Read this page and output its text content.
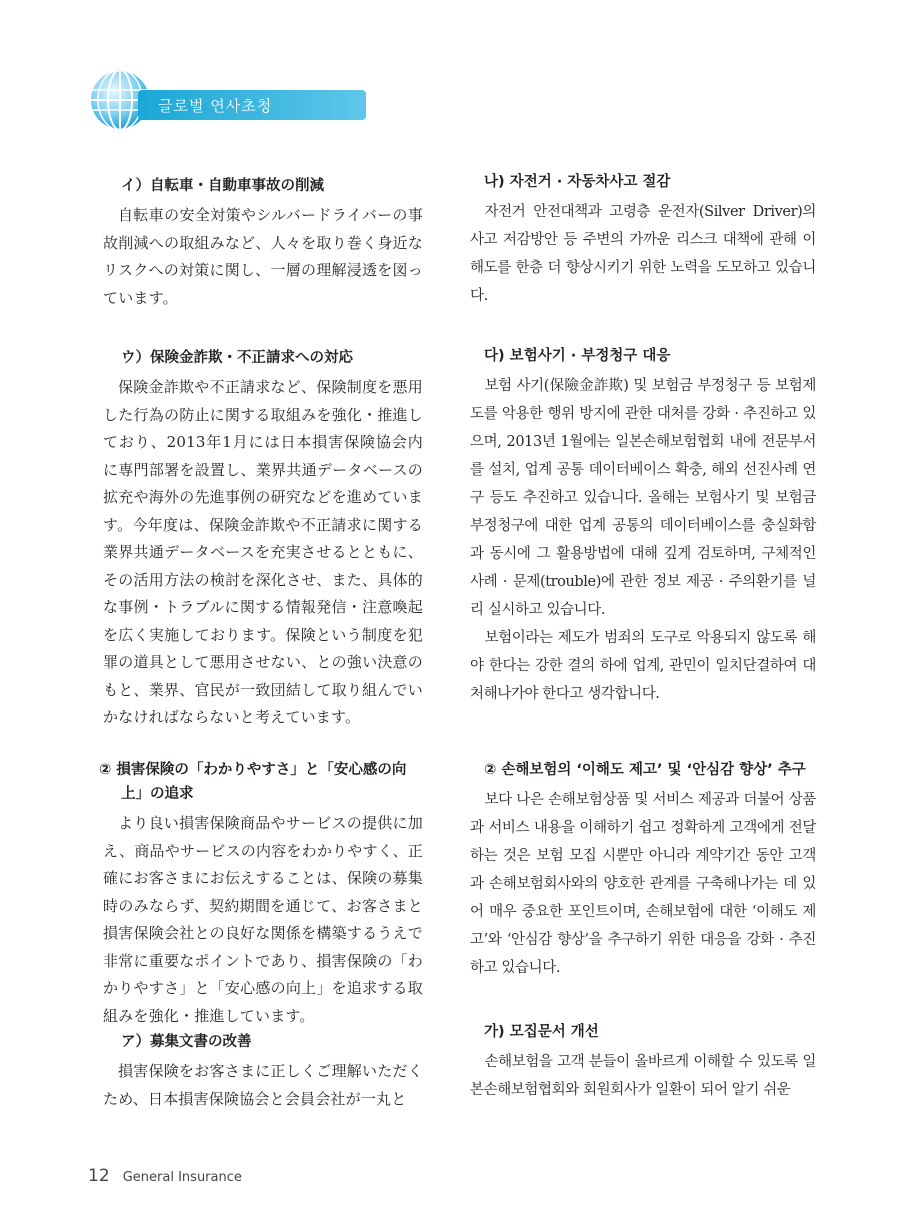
글로벌 연사초청
イ）自転車・自動車事故の削減

自転車の安全対策やシルバードライバーの事故削減への取組みなど、人々を取り巻く身近なリスクへの対策に関し、一層の理解浸透を図っています。

ウ）保険金詐欺・不正請求への対応

保険金詐欺や不正請求など、保険制度を悪用した行為の防止に関する取組みを強化・推進しており、2013年1月には日本損害保険協会内に専門部署を設置し、業界共通データベースの拡充や海外の先進事例の研究などを進めています。今年度は、保険金詐欺や不正請求に関する業界共通データベースを充実させるとともに、その活用方法の検討を深化させ、また、具体的な事例・トラブルに関する情報発信・注意喚起を広く実施しております。保険という制度を犯罪の道具として悪用させない、との強い決意のもと、業界、官民が一致団結して取り組んでいかなければならないと考えています。

② 損害保険の「わかりやすさ」と「安心感の向上」の追求

より良い損害保険商品やサービスの提供に加え、商品やサービスの内容をわかりやすく、正確にお客さまにお伝えすることは、保険の募集時のみならず、契約期間を通じて、お客さまと損害保険会社との良好な関係を構築するうえで非常に重要なポイントであり、損害保険の「わかりやすさ」と「安心感の向上」を追求する取組みを強化・推進しています。

ア）募集文書の改善

損害保険をお客さまに正しくご理解いただくため、日本損害保険協会と会員会社が一丸と

나) 자전거 · 자동차사고 절감

자전거 안전대책과 고령층 운전자(Silver Driver)의 사고 저감방안 등 주변의 가까운 리스크 대책에 관해 이해도를 한층 더 향상시키기 위한 노력을 도모하고 있습니다.

다) 보험사기 · 부정청구 대응

보험 사기(保險金詐欺) 및 보험금 부정청구 등 보험제도를 악용한 행위 방지에 관한 대처를 강화 · 추진하고 있으며, 2013년 1월에는 일본손해보험협회 내에 전문부서를 설치, 업계 공통 데이터베이스 확충, 해외 선진사례 연구 등도 추진하고 있습니다. 올해는 보험사기 및 보험금 부정청구에 대한 업계 공통의 데이터베이스를 충실화함과 동시에 그 활용방법에 대해 깊게 검토하며, 구체적인 사례 · 문제(trouble)에 관한 정보 제공 · 주의환기를 널리 실시하고 있습니다.

보험이라는 제도가 범죄의 도구로 악용되지 않도록 해야 한다는 강한 결의 하에 업계, 관민이 일치단결하여 대처해나가야 한다고 생각합니다.

② 손해보험의 ‘이해도 제고’ 및 ‘안심감 향상’ 추구

보다 나은 손해보험상품 및 서비스 제공과 더불어 상품과 서비스 내용을 이해하기 쉽고 정확하게 고객에게 전달하는 것은 보험 모집 시뿐만 아니라 계약기간 동안 고객과 손해보험회사와의 양호한 관계를 구축해나가는 데 있어 매우 중요한 포인트이며, 손해보험에 대한 ‘이해도 제고’와 ‘안심감 향상’을 추구하기 위한 대응을 강화 · 추진하고 있습니다.

가) 모집문서 개선

손해보험을 고객 분들이 올바르게 이해할 수 있도록 일본손해보험협회와 회원회사가 일환이 되어 알기 쉬운

12 General Insurance
